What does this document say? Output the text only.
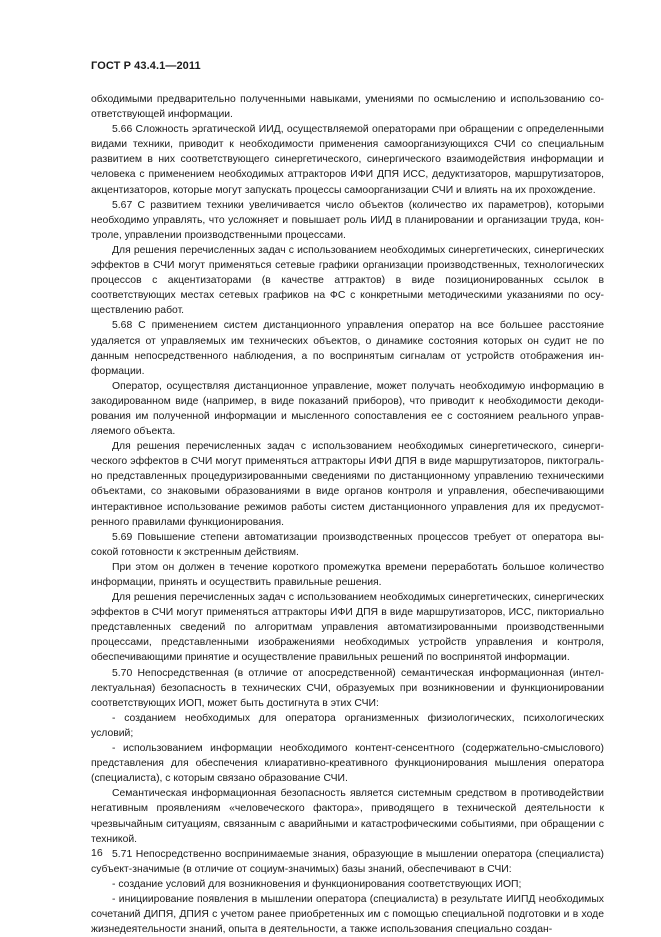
ГОСТ Р 43.4.1—2011

обходимыми предварительно полученными навыками, умениями по осмыслению и использованию соответствующей информации.

5.66 Сложность эргатической ИИД, осуществляемой операторами при обращении с определенными видами техники, приводит к необходимости применения самоорганизующихся СЧИ со специальным развитием в них соответствующего синергетического, синергического взаимодействия информации и человека с применением необходимых аттракторов ИФИ ДПЯ ИСС, дедуктизаторов, маршрутизаторов, акцентизаторов, которые могут запускать процессы самоорганизации СЧИ и влиять на их прохождение.

5.67 С развитием техники увеличивается число объектов (количество их параметров), которыми необходимо управлять, что усложняет и повышает роль ИИД в планировании и организации труда, контроле, управлении производственными процессами.

Для решения перечисленных задач с использованием необходимых синергетических, синергических эффектов в СЧИ могут применяться сетевые графики организации производственных, технологических процессов с акцентизаторами (в качестве аттрактов) в виде позиционированных ссылок в соответствующих местах сетевых графиков на ФС с конкретными методическими указаниями по осуществлению работ.

5.68 С применением систем дистанционного управления оператор на все большее расстояние удаляется от управляемых им технических объектов, о динамике состояния которых он судит не по данным непосредственного наблюдения, а по воспринятым сигналам от устройств отображения информации.

Оператор, осуществляя дистанционное управление, может получать необходимую информацию в закодированном виде (например, в виде показаний приборов), что приводит к необходимости декодирования им полученной информации и мысленного сопоставления ее с состоянием реального управляемого объекта.

Для решения перечисленных задач с использованием необходимых синергетического, синергического эффектов в СЧИ могут применяться аттракторы ИФИ ДПЯ в виде маршрутизаторов, пиктогрально представленных процедуризированными сведениями по дистанционному управлению техническими объектами, со знаковыми образованиями в виде органов контроля и управления, обеспечивающими интерактивное использование режимов работы систем дистанционного управления для их предусмотренного правилами функционирования.

5.69 Повышение степени автоматизации производственных процессов требует от оператора высокой готовности к экстренным действиям.

При этом он должен в течение короткого промежутка времени переработать большое количество информации, принять и осуществить правильные решения.

Для решения перечисленных задач с использованием необходимых синергетических, синергических эффектов в СЧИ могут применяться аттракторы ИФИ ДПЯ в виде маршрутизаторов, ИСС, пикториально представленных сведений по алгоритмам управления автоматизированными производственными процессами, представленными изображениями необходимых устройств управления и контроля, обеспечивающими принятие и осуществление правильных решений по воспринятой информации.

5.70 Непосредственная (в отличие от апосредственной) семантическая информационная (интеллектуальная) безопасность в технических СЧИ, образуемых при возникновении и функционировании соответствующих ИОП, может быть достигнута в этих СЧИ:

- созданием необходимых для оператора организменных физиологических, психологических условий;

- использованием информации необходимого контент-сенсентного (содержательно-смыслового) представления для обеспечения клиаративно-креативного функционирования мышления оператора (специалиста), с которым связано образование СЧИ.

Семантическая информационная безопасность является системным средством в противодействии негативным проявлениям «человеческого фактора», приводящего в технической деятельности к чрезвычайным ситуациям, связанным с аварийными и катастрофическими событиями, при обращении с техникой.

5.71 Непосредственно воспринимаемые знания, образующие в мышлении оператора (специалиста) субъект-значимые (в отличие от социум-значимых) базы знаний, обеспечивают в СЧИ:

- создание условий для возникновения и функционирования соответствующих ИОП;

- инициирование появления в мышлении оператора (специалиста) в результате ИИПД необходимых сочетаний ДИПЯ, ДПИЯ с учетом ранее приобретенных им с помощью специальной подготовки и в ходе жизнедеятельности знаний, опыта в деятельности, а также использования специально создан-

16
